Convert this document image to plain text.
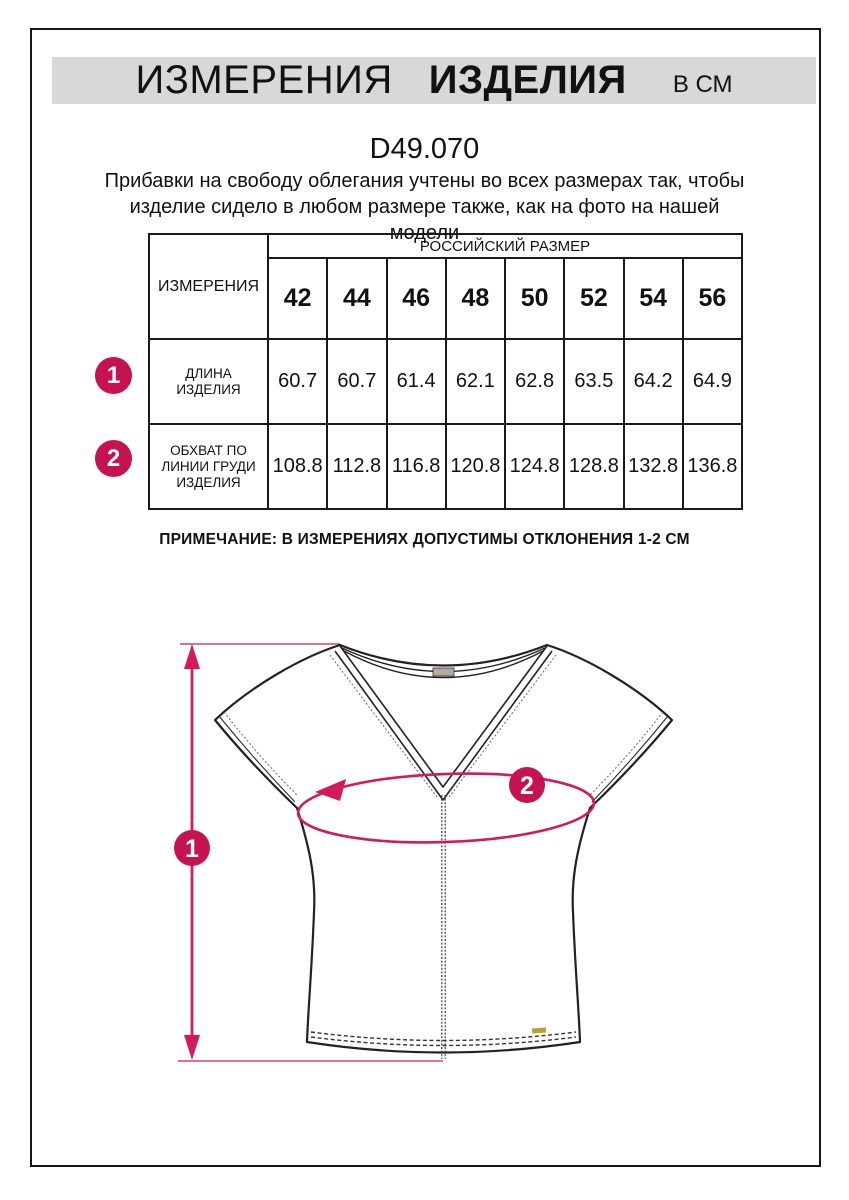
ИЗМЕРЕНИЯ ИЗДЕЛИЯ В СМ
D49.070
Прибавки на свободу облегания учтены во всех размерах так, чтобы
изделие сидело в любом размере также, как на фото на нашей
модели
ИЗМЕРЕНИЯ	РОССИЙСКИЙ РАЗМЕР							
	42	44	46	48	50	52	54	56
ДЛИНА ИЗДЕЛИЯ	60.7	60.7	61.4	62.1	62.8	63.5	64.2	64.9
ОБХВАТ ПО ЛИНИИ ГРУДИ ИЗДЕЛИЯ	108.8	112.8	116.8	120.8	124.8	128.8	132.8	136.8
1
2
ПРИМЕЧАНИЕ: В ИЗМЕРЕНИЯХ ДОПУСТИМЫ ОТКЛОНЕНИЯ 1-2 СМ
1
2
